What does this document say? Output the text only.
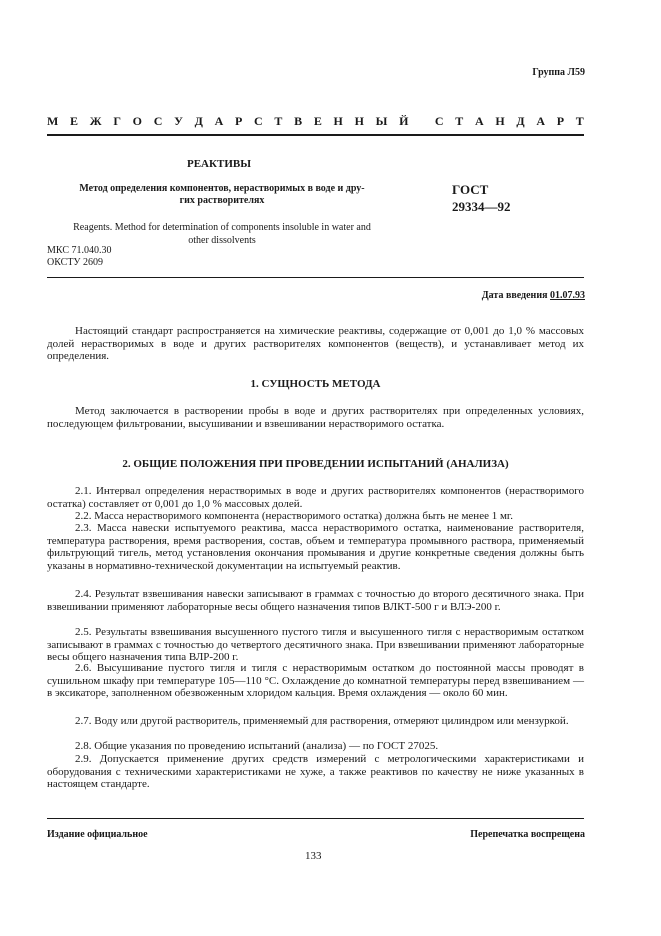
Группа Л59
М Е Ж Г О С У Д А Р С Т В Е Н Н Ы Й
С Т А Н Д А Р Т
РЕАКТИВЫ
Метод определения компонентов, нерастворимых в воде и дру-
гих растворителях
Reagents. Method for determination of components insoluble in water and
other dissolvents
ГОСТ
29334—92
МКС 71.040.30
ОКСТУ 2609
Дата введения 01.07.93
Настоящий стандарт распространяется на химические реактивы, содержащие от 0,001 до 1,0 % массовых долей нерастворимых в воде и других растворителях компонентов (веществ), и устанавливает метод их определения.
1. СУЩНОСТЬ МЕТОДА
Метод заключается в растворении пробы в воде и других растворителях при определенных условиях, последующем фильтровании, высушивании и взвешивании нерастворимого остатка.
2. ОБЩИЕ ПОЛОЖЕНИЯ ПРИ ПРОВЕДЕНИИ ИСПЫТАНИЙ (АНАЛИЗА)
2.1. Интервал определения нерастворимых в воде и других растворителях компонентов (нерастворимого остатка) составляет от 0,001 до 1,0 % массовых долей.
2.2. Масса нерастворимого компонента (нерастворимого остатка) должна быть не менее 1 мг.
2.3. Масса навески испытуемого реактива, масса нерастворимого остатка, наименование растворителя, температура растворения, время растворения, состав, объем и температура промывного раствора, применяемый фильтрующий тигель, метод установления окончания промывания и другие конкретные сведения должны быть указаны в нормативно-технической документации на испытуемый реактив.
2.4. Результат взвешивания навески записывают в граммах с точностью до второго десятичного знака. При взвешивании применяют лабораторные весы общего назначения типов ВЛКТ-500 г и ВЛЭ-200 г.
2.5. Результаты взвешивания высушенного пустого тигля и высушенного тигля с нерастворимым остатком записывают в граммах с точностью до четвертого десятичного знака. При взвешивании применяют лабораторные весы общего назначения типа ВЛР-200 г.
2.6. Высушивание пустого тигля и тигля с нерастворимым остатком до постоянной массы проводят в сушильном шкафу при температуре 105—110 °С. Охлаждение до комнатной температуры перед взвешиванием — в эксикаторе, заполненном обезвоженным хлоридом кальция. Время охлаждения — около 60 мин.
2.7. Воду или другой растворитель, применяемый для растворения, отмеряют цилиндром или мензуркой.
2.8. Общие указания по проведению испытаний (анализа) — по ГОСТ 27025.
2.9. Допускается применение других средств измерений с метрологическими характеристиками и оборудования с техническими характеристиками не хуже, а также реактивов по качеству не ниже указанных в настоящем стандарте.
Издание официальное	Перепечатка воспрещена
133
